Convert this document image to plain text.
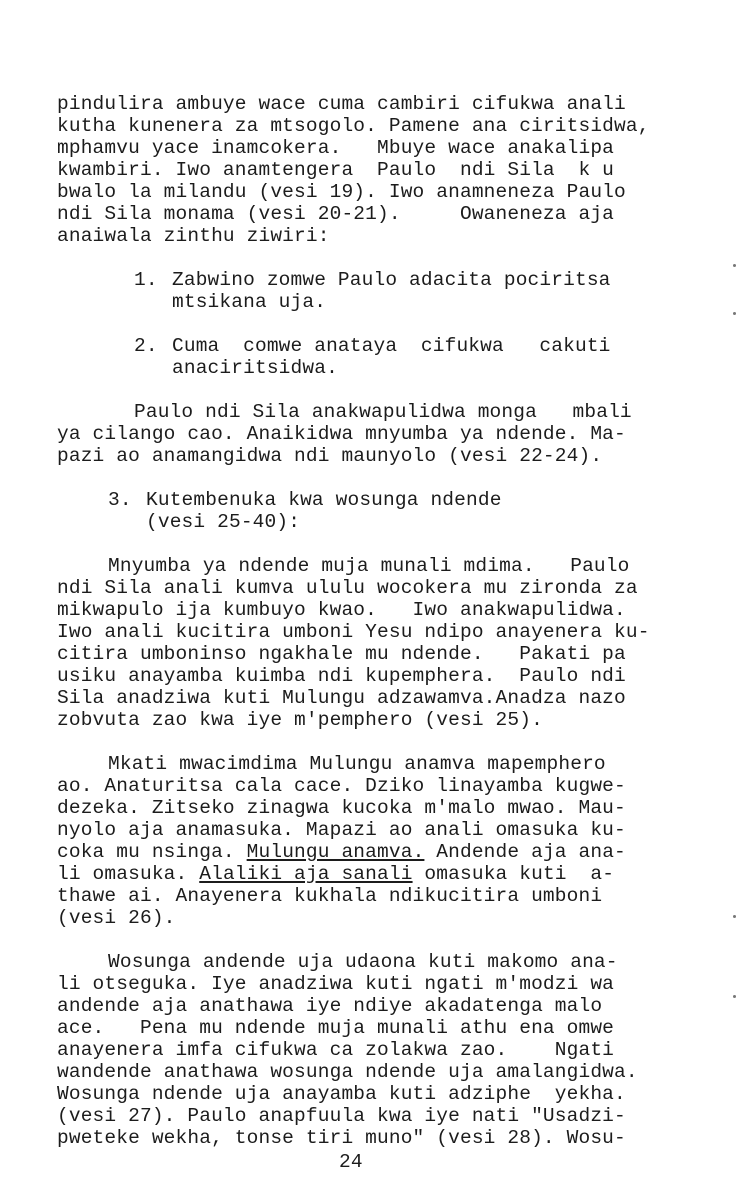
pindulira ambuye wace cuma cambiri cifukwa anali
kutha kunenera za mtsogolo. Pamene ana ciritsidwa,
mphamvu yace inamcokera.   Mbuye wace anakalipa
kwambiri. Iwo anamtengera  Paulo  ndi Sila  k u
bwalo la milandu (vesi 19). Iwo anamneneza Paulo
ndi Sila monama (vesi 20-21).     Owaneneza aja
anaiwala zinthu ziwiri:
1. Zabwino zomwe Paulo adacita pociritsa
mtsikana uja.
2. Cuma  comwe anataya  cifukwa   cakuti
anaciritsidwa.
Paulo ndi Sila anakwapulidwa monga   mbali
ya cilango cao. Anaikidwa mnyumba ya ndende. Ma-
pazi ao anamangidwa ndi maunyolo (vesi 22-24).
3. Kutembenuka kwa wosunga ndende
(vesi 25-40):
Mnyumba ya ndende muja munali mdima.   Paulo
ndi Sila anali kumva ululu wocokera mu zironda za
mikwapulo ija kumbuyo kwao.   Iwo anakwapulidwa.
Iwo anali kucitira umboni Yesu ndipo anayenera ku-
citira umboninso ngakhale mu ndende.   Pakati pa
usiku anayamba kuimba ndi kupemphera.  Paulo ndi
Sila anadziwa kuti Mulungu adzawamva.Anadza nazo
zobvuta zao kwa iye m'pemphero (vesi 25).
Mkati mwacimdima Mulungu anamva mapemphero
ao. Anaturitsa cala cace. Dziko linayamba kugwe-
dezeka. Zitseko zinagwa kucoka m'malo mwao. Mau-
nyolo aja anamasuka. Mapazi ao anali omasuka ku-
coka mu nsinga. Mulungu anamva. Andende aja ana-
li omasuka. Alaliki aja sanali omasuka kuti  a-
thawe ai. Anayenera kukhala ndikucitira umboni
(vesi 26).
Wosunga andende uja udaona kuti makomo ana-
li otseguka. Iye anadziwa kuti ngati m'modzi wa
andende aja anathawa iye ndiye akadatenga malo
ace.   Pena mu ndende muja munali athu ena omwe
anayenera imfa cifukwa ca zolakwa zao.    Ngati
wandende anathawa wosunga ndende uja amalangidwa.
Wosunga ndende uja anayamba kuti adziphe  yekha.
(vesi 27). Paulo anapfuula kwa iye nati "Usadzi-
pweteke wekha, tonse tiri muno" (vesi 28). Wosu-
24
